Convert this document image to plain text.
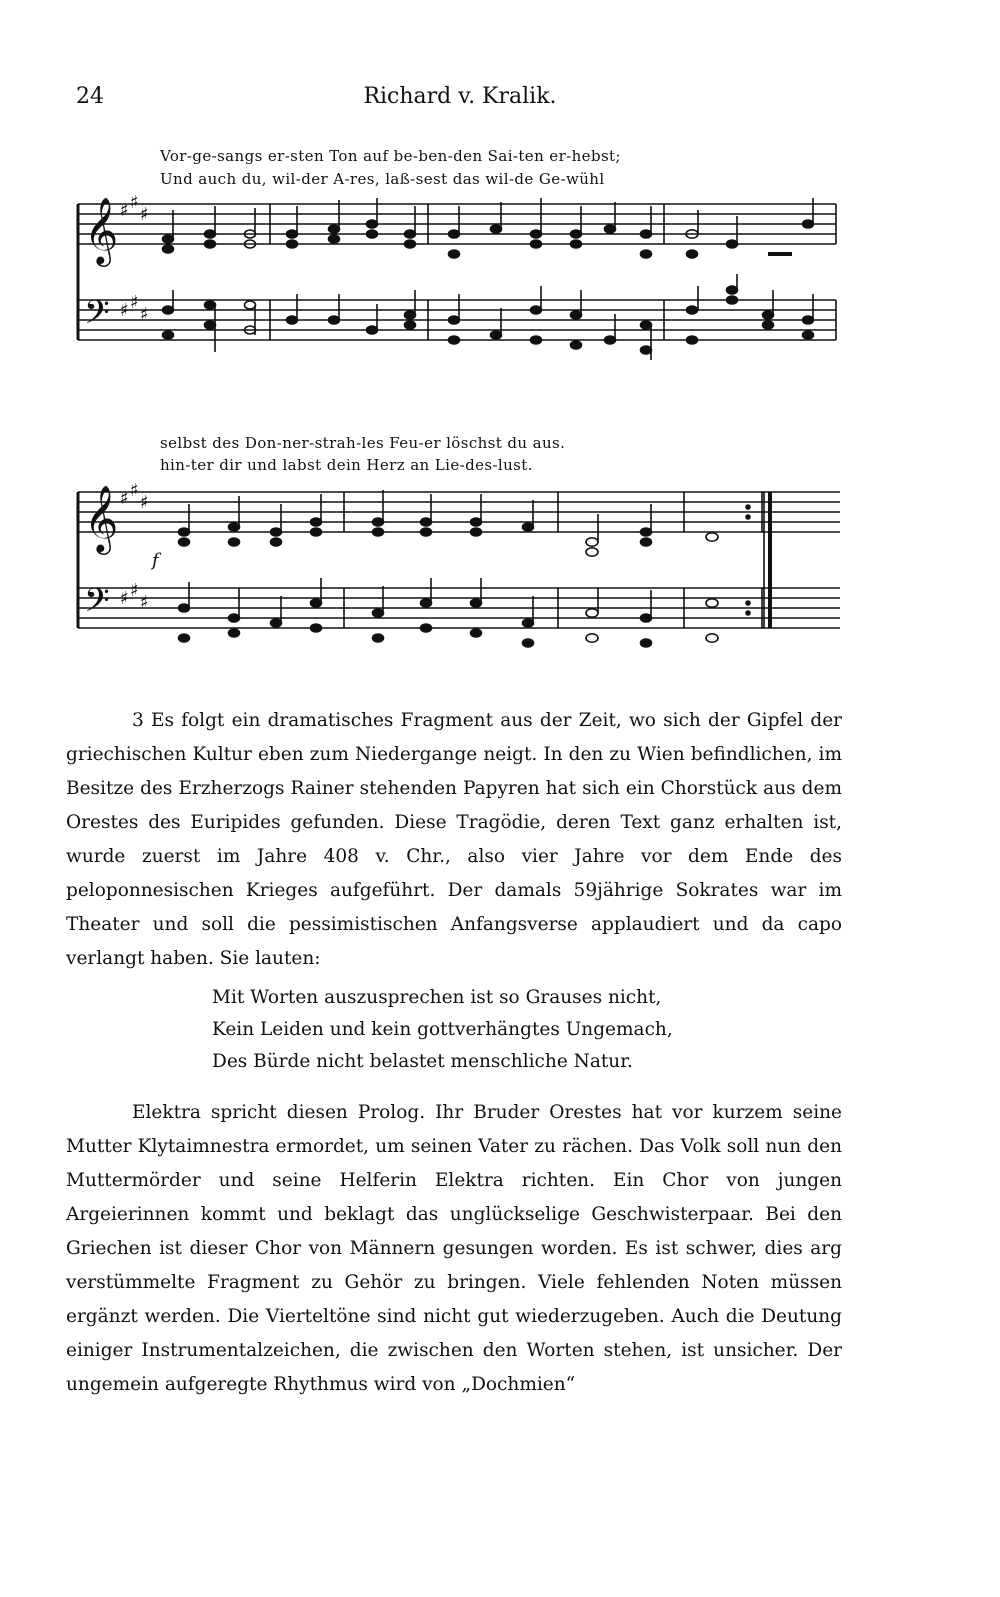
24	Richard v. Kralik.
Vor-ge-sangs er-sten Ton auf be-ben-den Sai-ten er-hebst;
Und auch du, wil-der A-res, laß-sest das wil-de Ge-wühl
𝄞
𝄢
♯ ♯
♯
♯ ♯
♯
selbst des Don-ner-strah-les Feu-er löschst du aus.
hin-ter dir und labst dein Herz an Lie-des-lust.
𝄞
𝄢
♯ ♯
♯
♯ ♯
♯
f

3 Es folgt ein dramatisches Fragment aus der Zeit, wo sich der Gipfel der griechischen Kultur eben zum Niedergange neigt. In den zu Wien befindlichen, im Besitze des Erzherzogs Rainer stehenden Papyren hat sich ein Chorstück aus dem Orestes des Euripides gefunden. Diese Tragödie, deren Text ganz erhalten ist, wurde zuerst im Jahre 408 v. Chr., also vier Jahre vor dem Ende des peloponnesischen Krieges aufgeführt. Der damals 59jährige Sokrates war im Theater und soll die pessimistischen Anfangsverse applaudiert und da capo verlangt haben. Sie lauten:

Mit Worten auszusprechen ist so Grauses nicht,
Kein Leiden und kein gottverhängtes Ungemach,
Des Bürde nicht belastet menschliche Natur.

Elektra spricht diesen Prolog. Ihr Bruder Orestes hat vor kurzem seine Mutter Klytaimnestra ermordet, um seinen Vater zu rächen. Das Volk soll nun den Muttermörder und seine Helferin Elektra richten. Ein Chor von jungen Argeierinnen kommt und beklagt das unglückselige Geschwisterpaar. Bei den Griechen ist dieser Chor von Männern gesungen worden. Es ist schwer, dies arg verstümmelte Fragment zu Gehör zu bringen. Viele fehlenden Noten müssen ergänzt werden. Die Vierteltöne sind nicht gut wiederzugeben. Auch die Deutung einiger Instrumentalzeichen, die zwischen den Worten stehen, ist unsicher. Der ungemein aufgeregte Rhythmus wird von „Dochmien“
